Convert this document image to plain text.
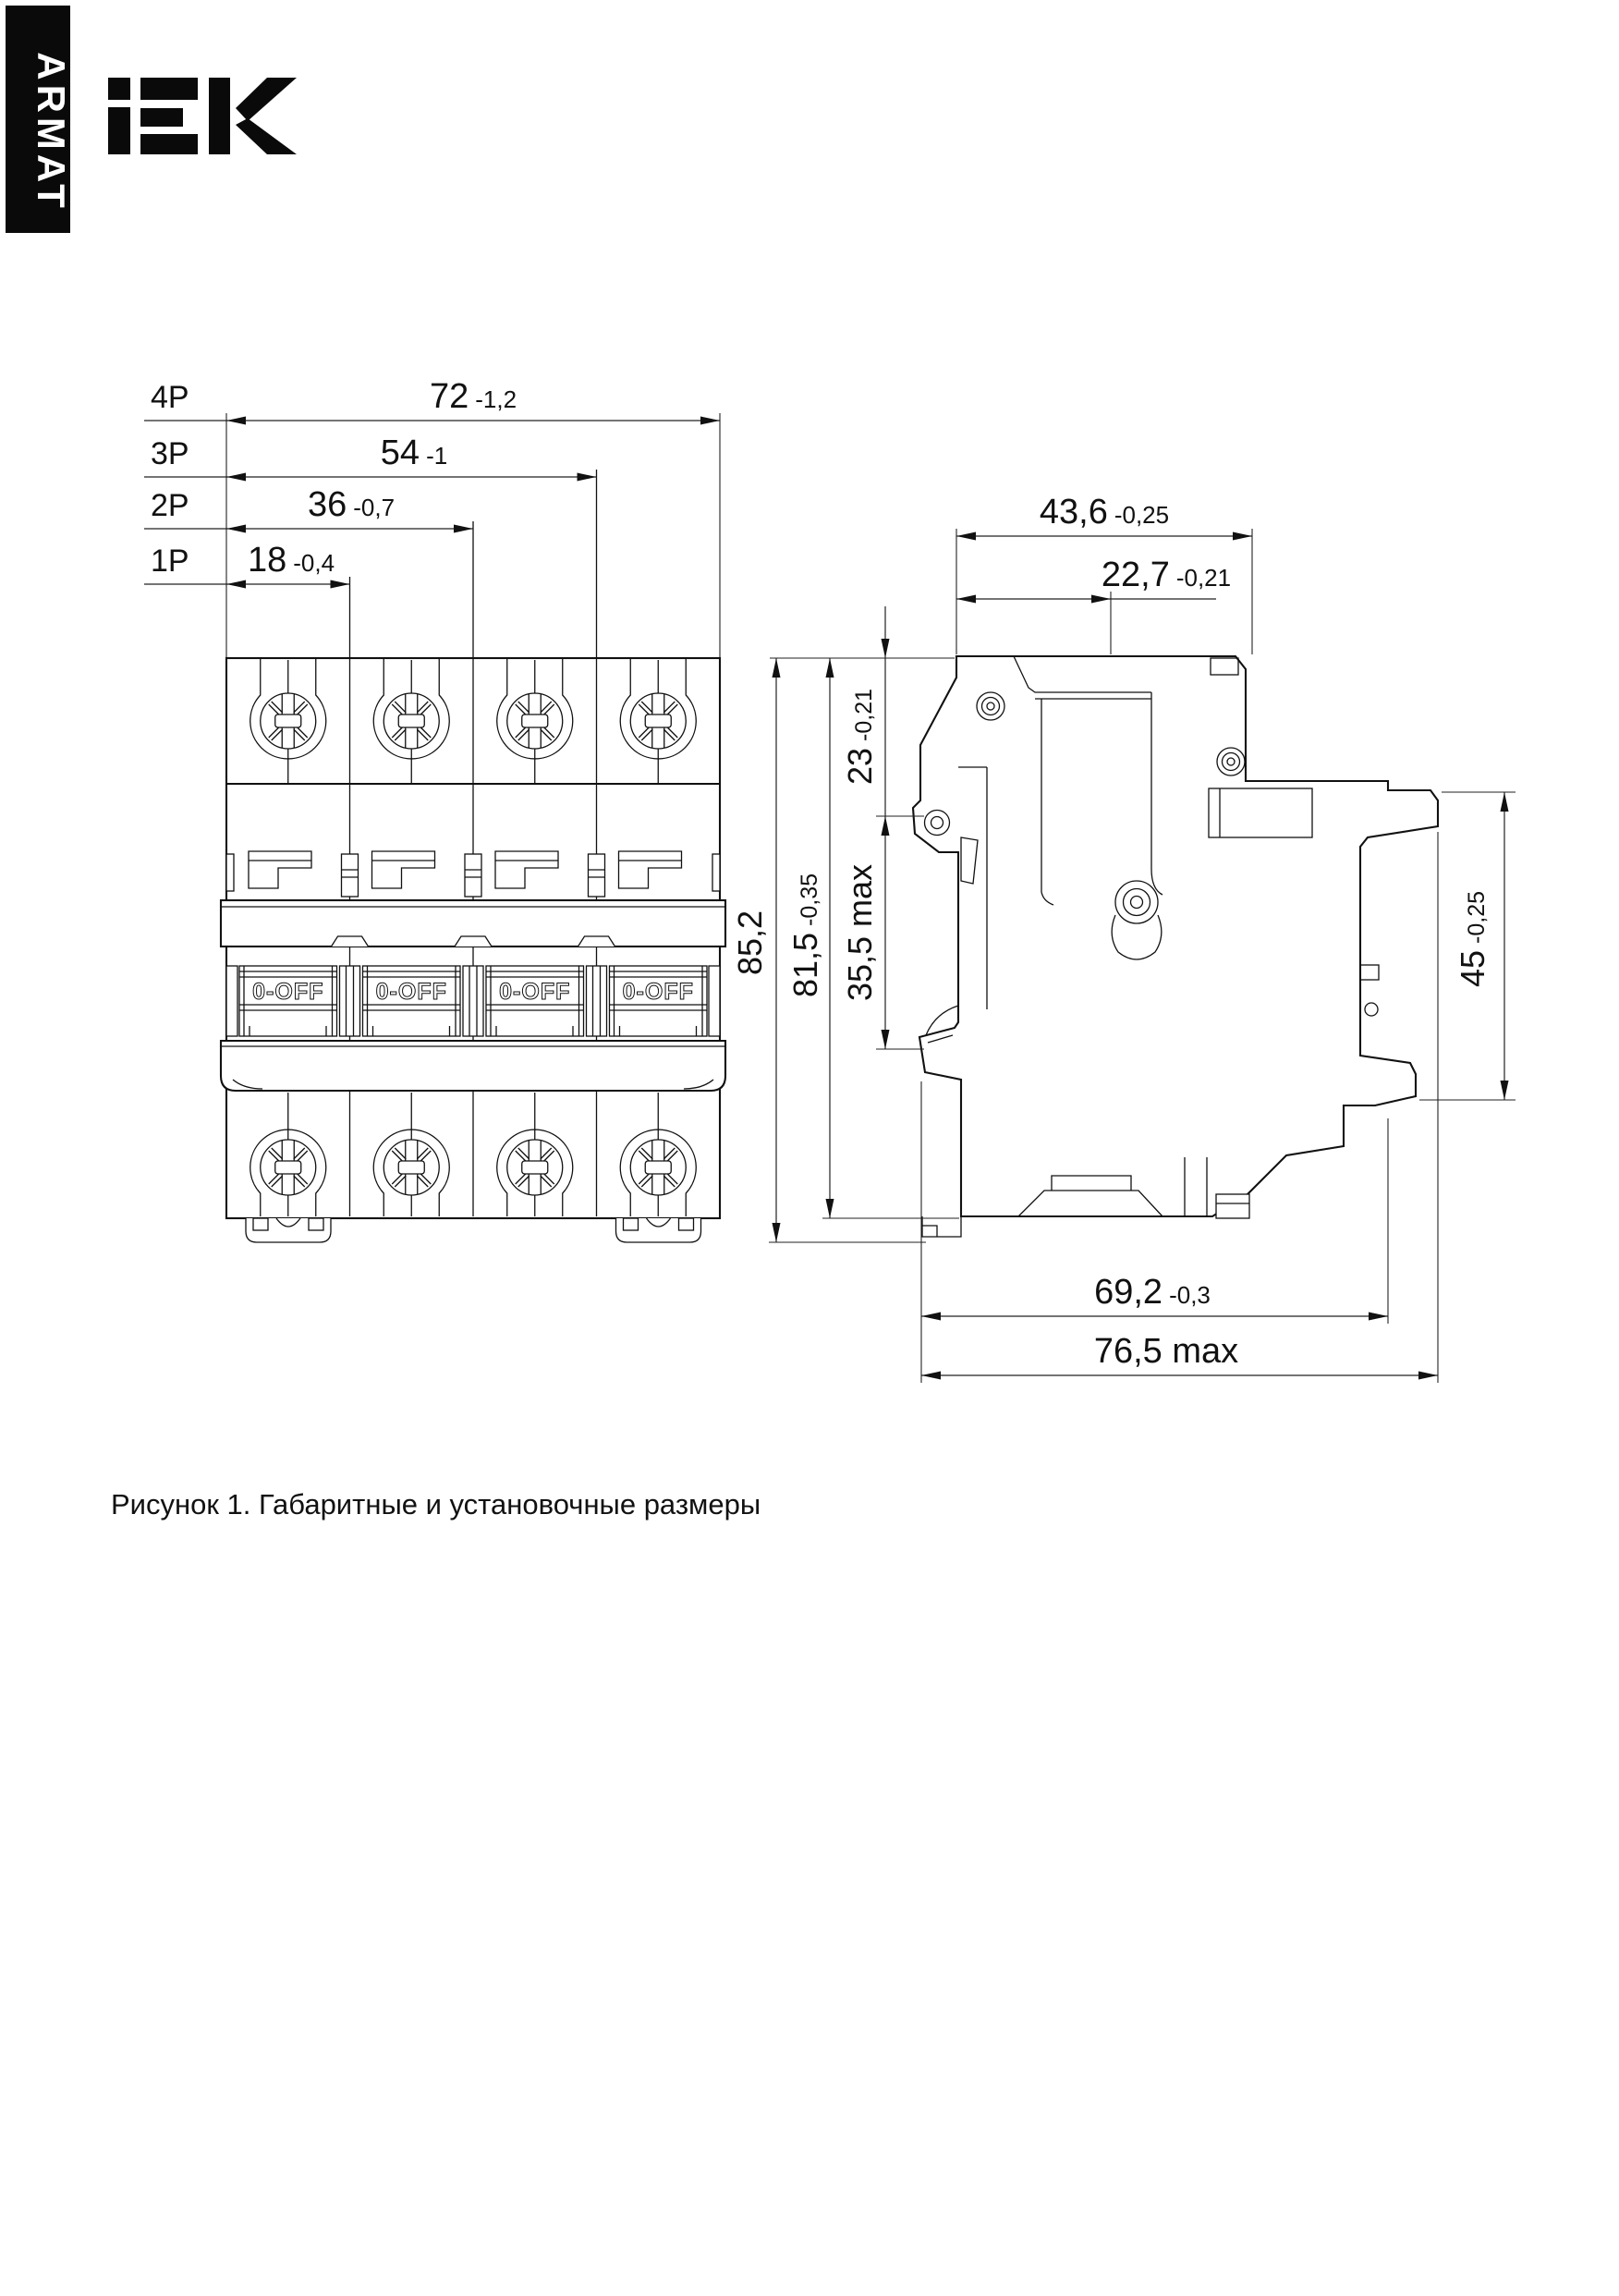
ARMAT
0-OFF 0-OFF 0-OFF 0-OFF
4P	72 -1,2
3P	54 -1
2P	36 -0,7
1P 18 -0,4
43,6 -0,25
22,7 -0,21
85,2 81,5-0,35
23-0,21
35,5 max	45-0,25
69,2 -0,3
76,5 max
Рисунок 1. Габаритные и установочные размеры
